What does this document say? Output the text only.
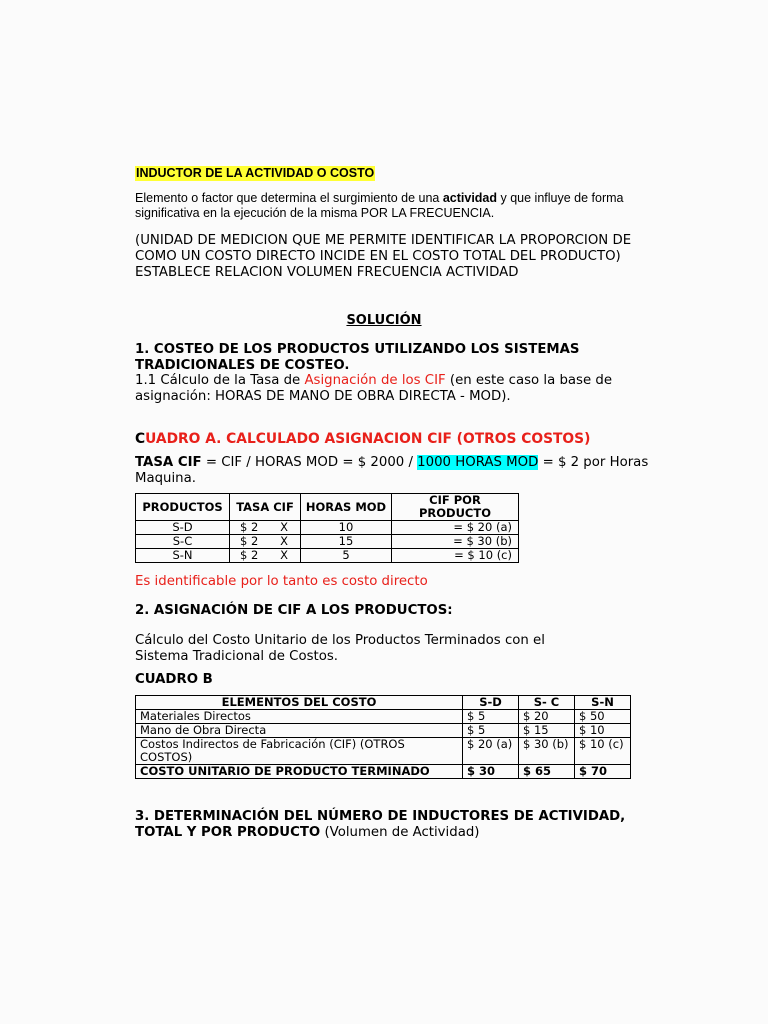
INDUCTOR DE LA ACTIVIDAD O COSTO
Elemento o factor que determina el surgimiento de una actividad y que influye de forma significativa en la ejecución de la misma POR LA FRECUENCIA.
(UNIDAD DE MEDICION QUE ME PERMITE IDENTIFICAR LA PROPORCION DE COMO UN COSTO DIRECTO INCIDE EN EL COSTO TOTAL DEL PRODUCTO) ESTABLECE RELACION VOLUMEN FRECUENCIA ACTIVIDAD
SOLUCIÓN
1. COSTEO DE LOS PRODUCTOS UTILIZANDO LOS SISTEMAS TRADICIONALES DE COSTEO.
1.1 Cálculo de la Tasa de Asignación de los CIF (en este caso la base de asignación: HORAS DE MANO DE OBRA DIRECTA - MOD).
CUADRO A. CALCULADO ASIGNACION CIF (OTROS COSTOS)
TASA CIF = CIF / HORAS MOD = $ 2000 / 1000 HORAS MOD = $ 2 por Horas Maquina.
PRODUCTOS	TASA CIF	HORAS MOD	CIF POR PRODUCTO
S-D	$ 2 X	10	= $ 20 (a)
S-C	$ 2 X	15	= $ 30 (b)
S-N	$ 2 X	5	= $ 10 (c)
Es identificable por lo tanto es costo directo
2. ASIGNACIÓN DE CIF A LOS PRODUCTOS:
Cálculo del Costo Unitario de los Productos Terminados con el Sistema Tradicional de Costos.
CUADRO B
ELEMENTOS DEL COSTO	S-D	S- C	S-N
Materiales Directos	$ 5	$ 20	$ 50
Mano de Obra Directa	$ 5	$ 15	$ 10
Costos Indirectos de Fabricación (CIF) (OTROS COSTOS)	$ 20 (a)	$ 30 (b)	$ 10 (c)
COSTO UNITARIO DE PRODUCTO TERMINADO	$ 30	$ 65	$ 70
3. DETERMINACIÓN DEL NÚMERO DE INDUCTORES DE ACTIVIDAD, TOTAL Y POR PRODUCTO (Volumen de Actividad)
